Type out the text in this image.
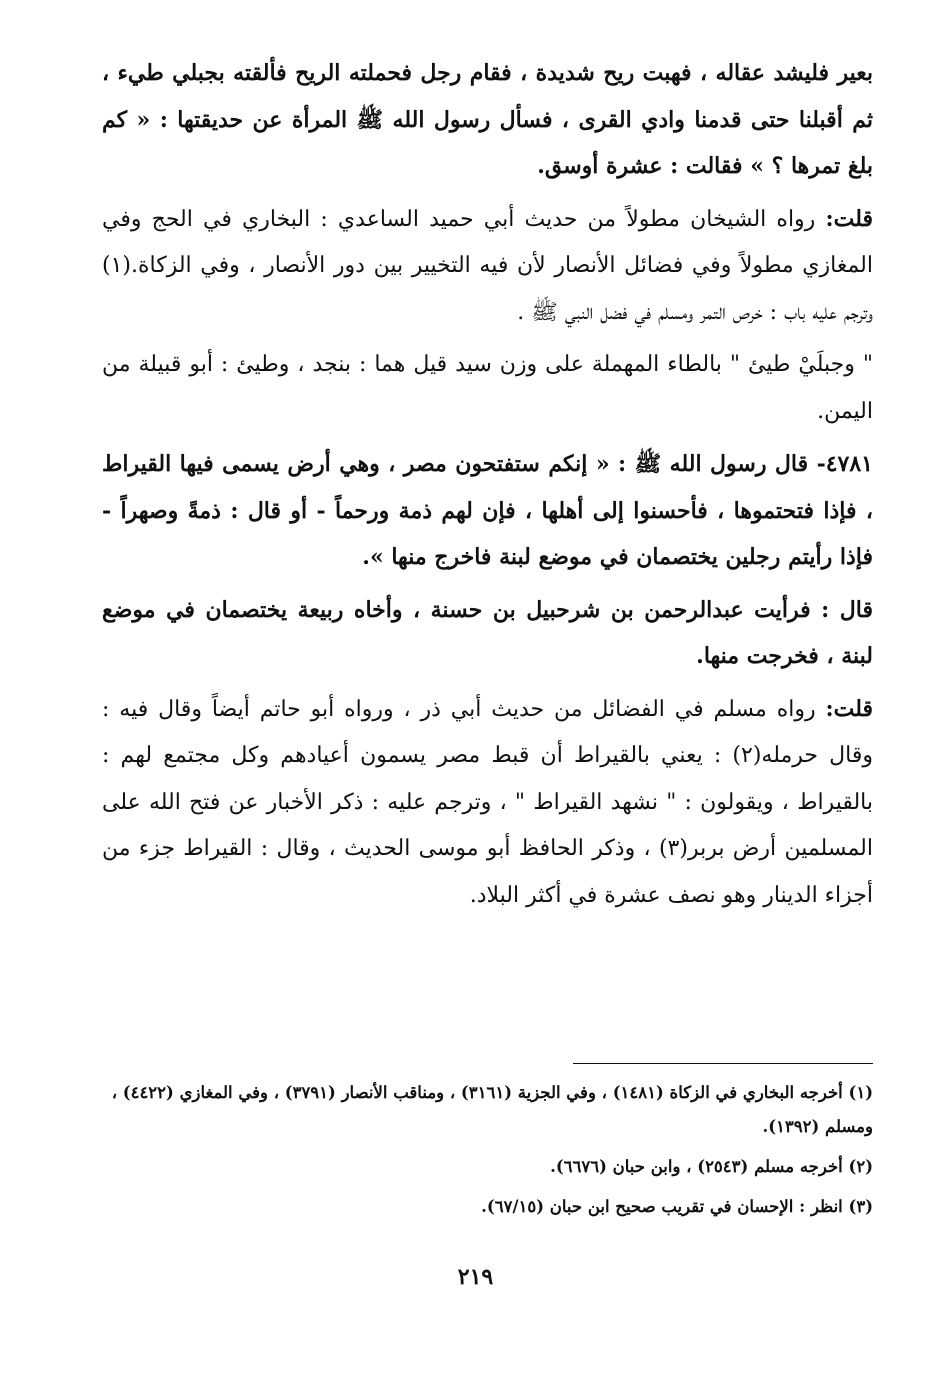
بعير فليشد عقاله ، فهبت ريح شديدة ، فقام رجل فحملته الريح فألقته بجبلي طيء ، ثم أقبلنا حتى قدمنا وادي القرى ، فسأل رسول الله ﷺ المرأة عن حديقتها : « كم بلغ تمرها ؟ » فقالت : عشرة أوسق.

قلت: رواه الشيخان مطولاً من حديث أبي حميد الساعدي : البخاري في الحج وفي المغازي مطولاً وفي فضائل الأنصار لأن فيه التخيير بين دور الأنصار ، وفي الزكاة.(١) وترجم عليه باب : خرص التمر ومسلم في فضل النبي ﷺ .

" وجبلَيْ طيئ " بالطاء المهملة على وزن سيد قيل هما : بنجد ، وطيئ : أبو قبيلة من اليمن.

٤٧٨١- قال رسول الله ﷺ : « إنكم ستفتحون مصر ، وهي أرض يسمى فيها القيراط ، فإذا فتحتموها ، فأحسنوا إلى أهلها ، فإن لهم ذمة ورحماً - أو قال : ذمةً وصهراً - فإذا رأيتم رجلين يختصمان في موضع لبنة فاخرج منها ».

قال : فرأيت عبدالرحمن بن شرحبيل بن حسنة ، وأخاه ربيعة يختصمان في موضع لبنة ، فخرجت منها.

قلت: رواه مسلم في الفضائل من حديث أبي ذر ، ورواه أبو حاتم أيضاً وقال فيه : وقال حرمله(٢) : يعني بالقيراط أن قبط مصر يسمون أعيادهم وكل مجتمع لهم : بالقيراط ، ويقولون : " نشهد القيراط " ، وترجم عليه : ذكر الأخبار عن فتح الله على المسلمين أرض بربر(٣) ، وذكر الحافظ أبو موسى الحديث ، وقال : القيراط جزء من أجزاء الدينار وهو نصف عشرة في أكثر البلاد.

(١) أخرجه البخاري في الزكاة (١٤٨١) ، وفي الجزية (٣١٦١) ، ومناقب الأنصار (٣٧٩١) ، وفي المغازي (٤٤٢٢) ، ومسلم (١٣٩٢).

(٢) أخرجه مسلم (٢٥٤٣) ، وابن حبان (٦٦٧٦).

(٣) انظر : الإحسان في تقريب صحيح ابن حبان (٦٧/١٥).

٢١٩
